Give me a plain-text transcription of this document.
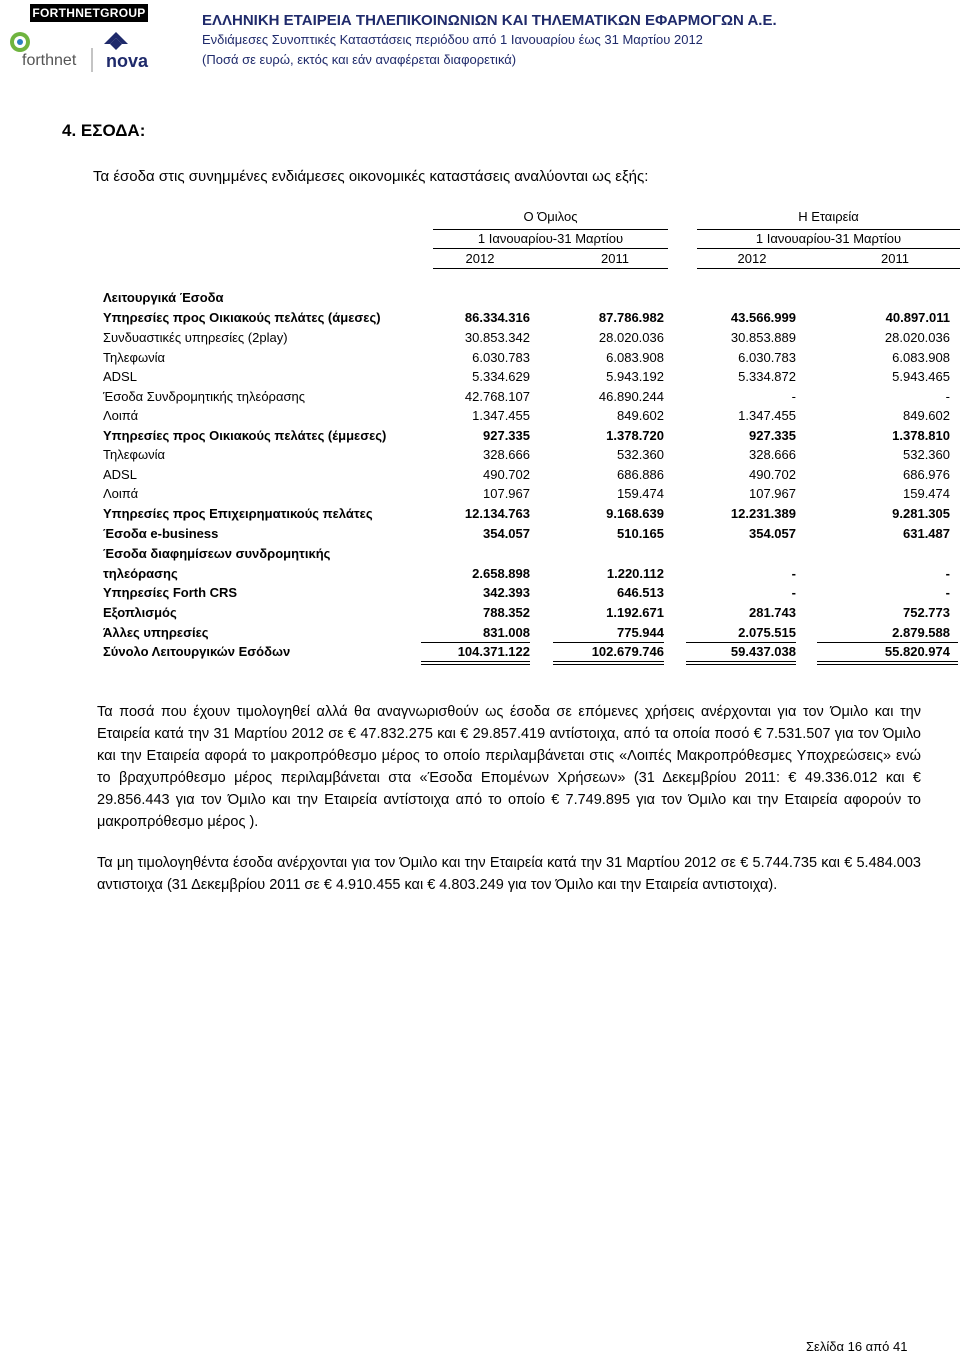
FORTHNETGROUP
forthnet nova
ΕΛΛΗΝΙΚΗ ΕΤΑΙΡΕΙΑ ΤΗΛΕΠΙΚΟΙΝΩΝΙΩΝ ΚΑΙ ΤΗΛΕΜΑΤΙΚΩΝ ΕΦΑΡΜΟΓΩΝ Α.Ε.
Ενδιάμεσες Συνοπτικές Καταστάσεις περιόδου από 1 Ιανουαρίου έως 31 Μαρτίου 2012
(Ποσά σε ευρώ, εκτός και εάν αναφέρεται διαφορετικά)
4. ΕΣΟΔΑ:
Τα έσοδα στις συνημμένες ενδιάμεσες οικονομικές καταστάσεις αναλύονται ως εξής:
Ο Όμιλος	Η Εταιρεία
1 Ιανουαρίου-31 Μαρτίου	1 Ιανουαρίου-31 Μαρτίου
2012	2011	2012	2011
Λειτουργικά Έσοδα
Υπηρεσίες προς Οικιακούς πελάτες (άμεσες)	86.334.316	87.786.982	43.566.999	40.897.011
Συνδυαστικές υπηρεσίες (2play)	30.853.342	28.020.036	30.853.889	28.020.036
Τηλεφωνία	6.030.783	6.083.908	6.030.783	6.083.908
ADSL	5.334.629	5.943.192	5.334.872	5.943.465
Έσοδα Συνδρομητικής τηλεόρασης	42.768.107	46.890.244	-	-
Λοιπά	1.347.455	849.602	1.347.455	849.602
Υπηρεσίες προς Οικιακούς πελάτες (έμμεσες)	927.335	1.378.720	927.335	1.378.810
Τηλεφωνία	328.666	532.360	328.666	532.360
ADSL	490.702	686.886	490.702	686.976
Λοιπά	107.967	159.474	107.967	159.474
Υπηρεσίες προς Επιχειρηματικούς πελάτες	12.134.763	9.168.639	12.231.389	9.281.305
Έσοδα e-business	354.057	510.165	354.057	631.487
Έσοδα διαφημίσεων συνδρομητικής
τηλεόρασης	2.658.898	1.220.112	-	-
Υπηρεσίες Forth CRS	342.393	646.513	-	-
Εξοπλισμός	788.352	1.192.671	281.743	752.773
Άλλες υπηρεσίες	831.008	775.944	2.075.515	2.879.588
Σύνολο Λειτουργικών Εσόδων	104.371.122	102.679.746	59.437.038	55.820.974
Τα ποσά που έχουν τιμολογηθεί αλλά θα αναγνωρισθούν ως έσοδα σε επόμενες χρήσεις ανέρχονται για τον Όμιλο και την Εταιρεία κατά την 31 Μαρτίου 2012 σε € 47.832.275 και € 29.857.419 αντίστοιχα, από τα οποία ποσό € 7.531.507 για τον Όμιλο και την Εταιρεία αφορά το μακροπρόθεσμο μέρος το οποίο περιλαμβάνεται στις «Λοιπές Μακροπρόθεσμες Υποχρεώσεις» ενώ το βραχυπρόθεσμο μέρος περιλαμβάνεται στα «Έσοδα Επομένων Χρήσεων» (31 Δεκεμβρίου 2011: € 49.336.012 και € 29.856.443 για τον Όμιλο και την Εταιρεία αντίστοιχα από το οποίο € 7.749.895 για τον Όμιλο και την Εταιρεία αφορούν το μακροπρόθεσμο μέρος ).
Τα μη τιμολογηθέντα έσοδα ανέρχονται για τον Όμιλο και την Εταιρεία κατά την 31 Μαρτίου 2012 σε € 5.744.735 και € 5.484.003 αντιστοιχα (31 Δεκεμβρίου 2011 σε € 4.910.455 και € 4.803.249 για τον Όμιλο και την Εταιρεία αντιστοιχα).
Σελίδα 16 από 41
